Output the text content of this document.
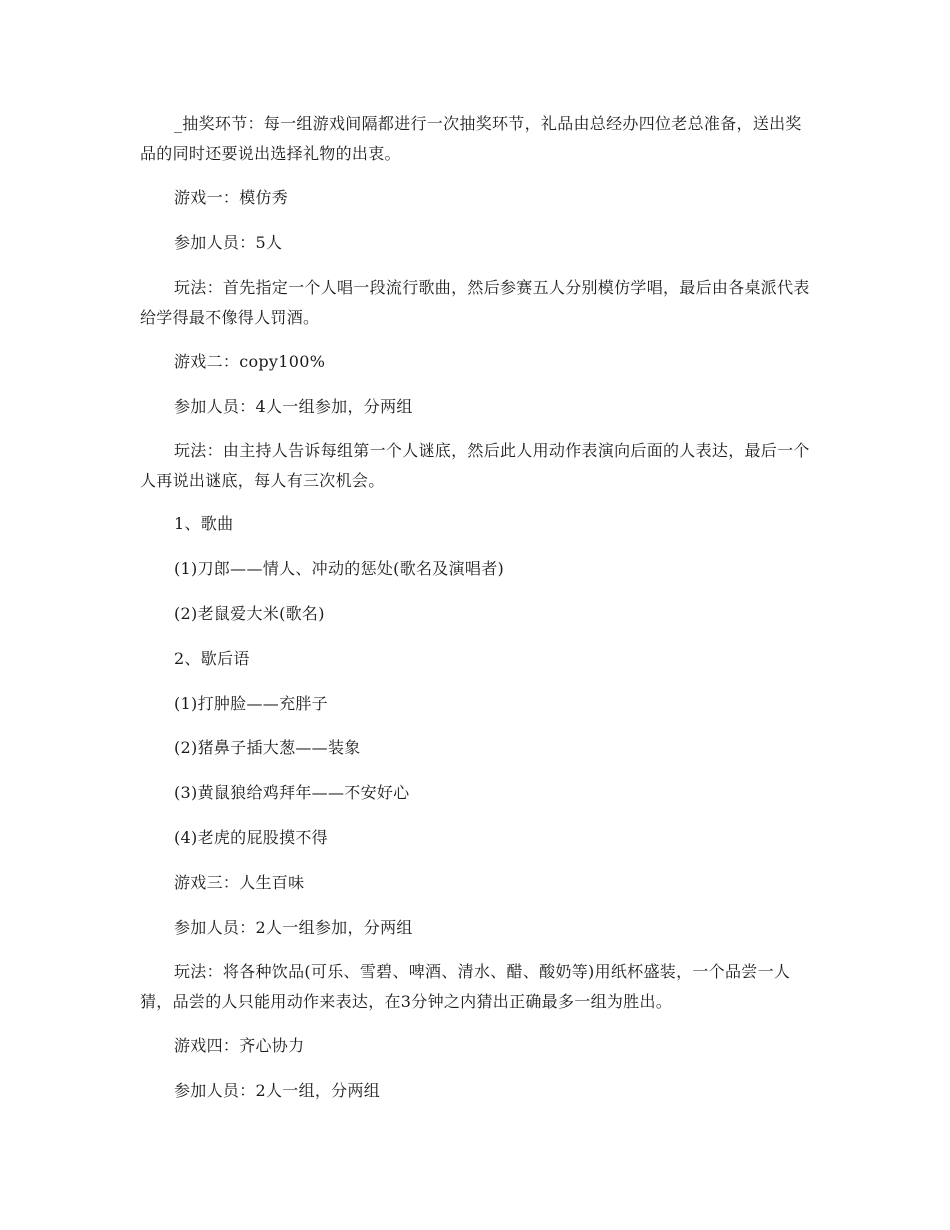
_抽奖环节：每一组游戏间隔都进行一次抽奖环节，礼品由总经办四位老总准备，送出奖品的同时还要说出选择礼物的出衷。

游戏一：模仿秀

参加人员：5人

玩法：首先指定一个人唱一段流行歌曲，然后参赛五人分别模仿学唱，最后由各桌派代表给学得最不像得人罚酒。

游戏二：copy100%

参加人员：4人一组参加，分两组

玩法：由主持人告诉每组第一个人谜底，然后此人用动作表演向后面的人表达，最后一个人再说出谜底，每人有三次机会。

1、歌曲

(1)刀郎——情人、冲动的惩处(歌名及演唱者)

(2)老鼠爱大米(歌名)

2、歇后语

(1)打肿脸——充胖子

(2)猪鼻子插大葱——装象

(3)黄鼠狼给鸡拜年——不安好心

(4)老虎的屁股摸不得

游戏三：人生百味

参加人员：2人一组参加，分两组

玩法：将各种饮品(可乐、雪碧、啤酒、清水、醋、酸奶等)用纸杯盛装，一个品尝一人猜，品尝的人只能用动作来表达，在3分钟之内猜出正确最多一组为胜出。

游戏四：齐心协力

参加人员：2人一组，分两组
